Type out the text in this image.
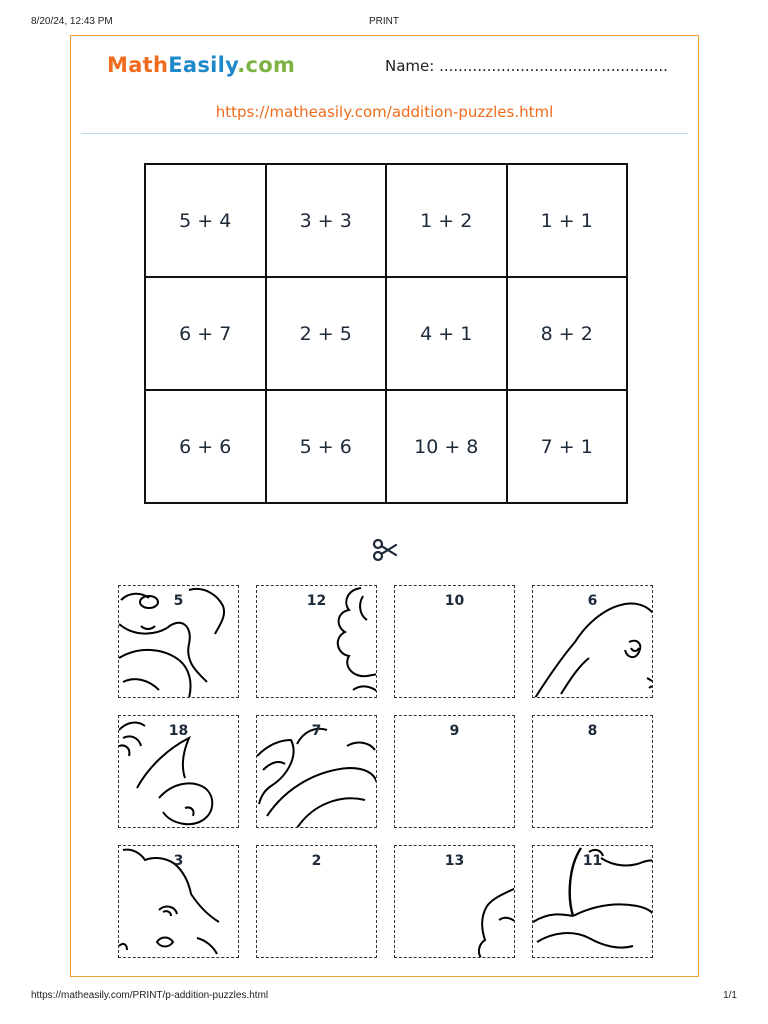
8/20/24, 12:43 PM	PRINT
MathEasily.com	Name: ................................................
https://matheasily.com/addition-puzzles.html
5 + 4	3 + 3	1 + 2	1 + 1
6 + 7	2 + 5	4 + 1	8 + 2
6 + 6	5 + 6	10 + 8	7 + 1
5	12	10	6
18	7	9	8
3	2	13	11
https://matheasily.com/PRINT/p-addition-puzzles.html	1/1
